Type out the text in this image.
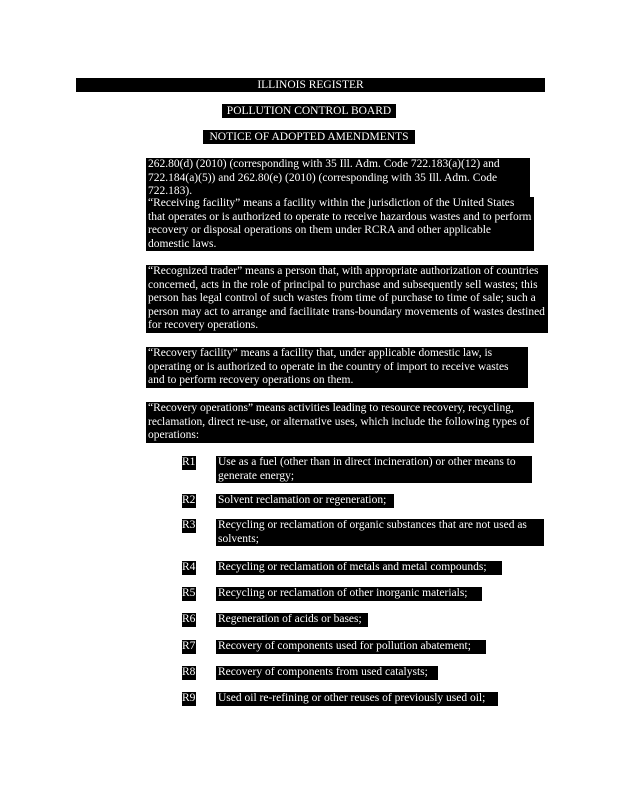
ILLINOIS REGISTER
POLLUTION CONTROL BOARD
NOTICE OF ADOPTED AMENDMENTS
262.80(d) (2010) (corresponding with 35 Ill. Adm. Code 722.183(a)(12) and 722.184(a)(5)) and 262.80(e) (2010) (corresponding with 35 Ill. Adm. Code 722.183).
“Receiving facility” means a facility within the jurisdiction of the United States that operates or is authorized to operate to receive hazardous wastes and to perform recovery or disposal operations on them under RCRA and other applicable domestic laws.
“Recognized trader” means a person that, with appropriate authorization of countries concerned, acts in the role of principal to purchase and subsequently sell wastes; this person has legal control of such wastes from time of purchase to time of sale; such a person may act to arrange and facilitate trans-boundary movements of wastes destined for recovery operations.
“Recovery facility” means a facility that, under applicable domestic law, is operating or is authorized to operate in the country of import to receive wastes and to perform recovery operations on them.
“Recovery operations” means activities leading to resource recovery, recycling, reclamation, direct re-use, or alternative uses, which include the following types of operations:
R1 Use as a fuel (other than in direct incineration) or other means to generate energy;
R2 Solvent reclamation or regeneration;
R3 Recycling or reclamation of organic substances that are not used as solvents;
R4 Recycling or reclamation of metals and metal compounds;
R5 Recycling or reclamation of other inorganic materials;
R6 Regeneration of acids or bases;
R7 Recovery of components used for pollution abatement;
R8 Recovery of components from used catalysts;
R9 Used oil re-refining or other reuses of previously used oil;
